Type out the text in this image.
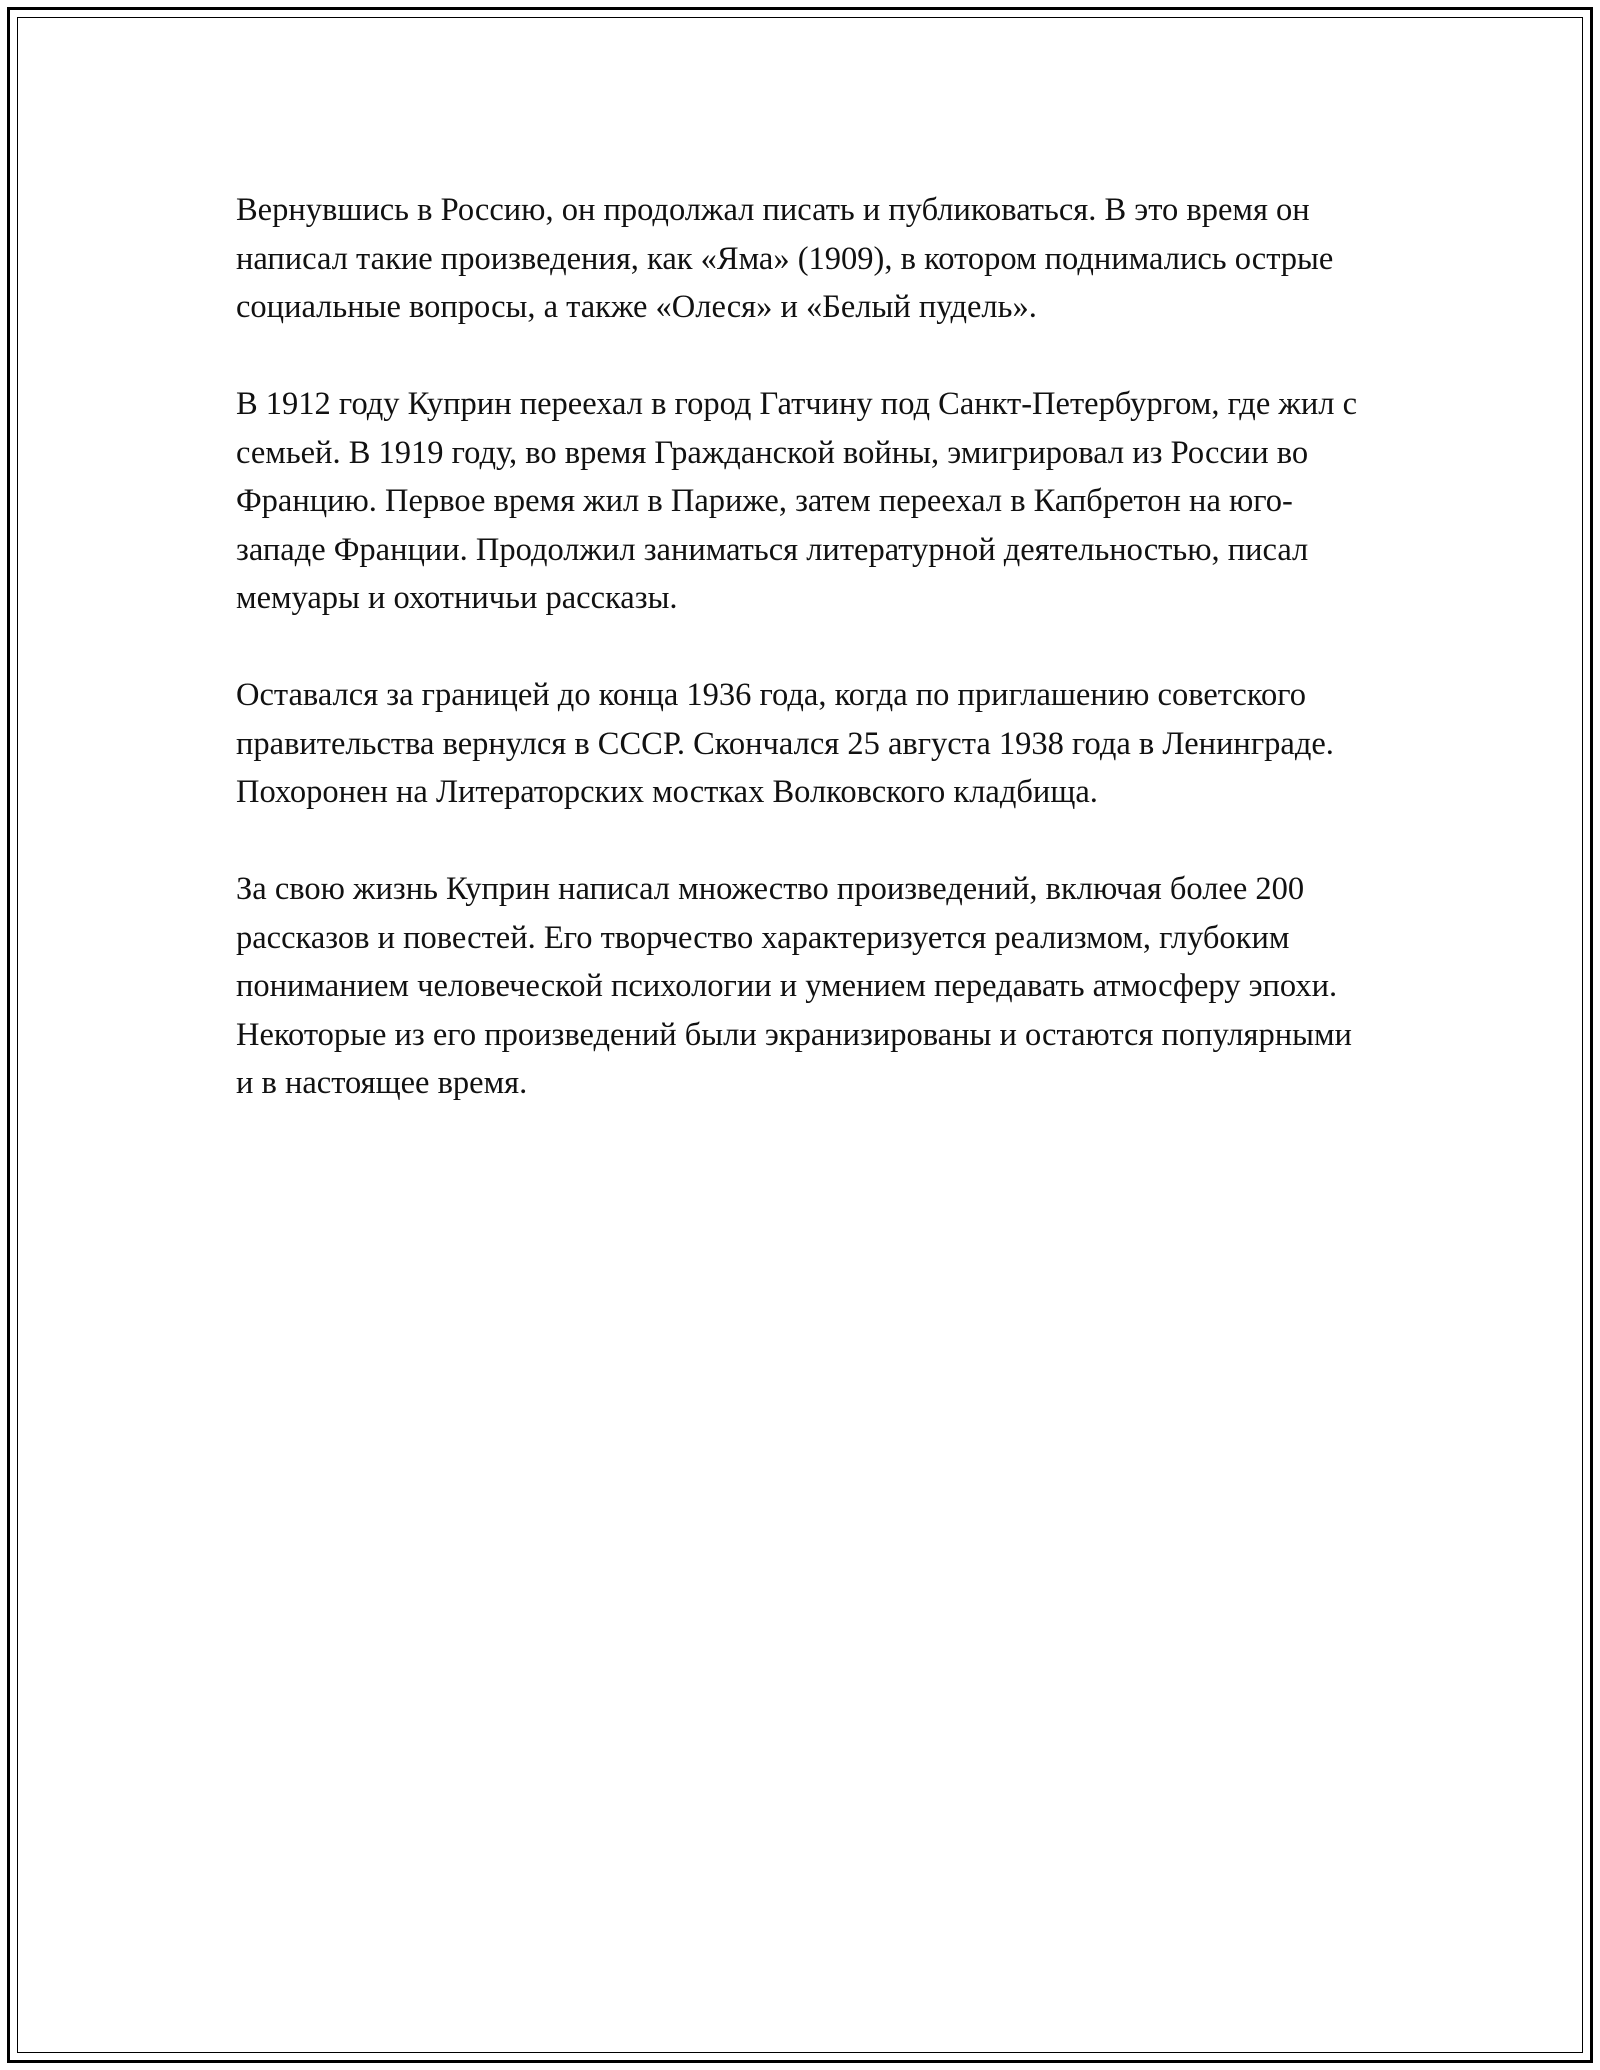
Вернувшись в Россию, он продолжал писать и публиковаться. В это время он написал такие произведения, как «Яма» (1909), в котором поднимались острые социальные вопросы, а также «Олеся» и «Белый пудель».

В 1912 году Куприн переехал в город Гатчину под Санкт-Петербургом, где жил с семьей. В 1919 году, во время Гражданской войны, эмигрировал из России во Францию. Первое время жил в Париже, затем переехал в Капбретон на юго-западе Франции. Продолжил заниматься литературной деятельностью, писал мемуары и охотничьи рассказы.

Оставался за границей до конца 1936 года, когда по приглашению советского правительства вернулся в СССР. Скончался 25 августа 1938 года в Ленинграде. Похоронен на Литераторских мостках Волковского кладбища.

За свою жизнь Куприн написал множество произведений, включая более 200 рассказов и повестей. Его творчество характеризуется реализмом, глубоким пониманием человеческой психологии и умением передавать атмосферу эпохи. Некоторые из его произведений были экранизированы и остаются популярными и в настоящее время.
